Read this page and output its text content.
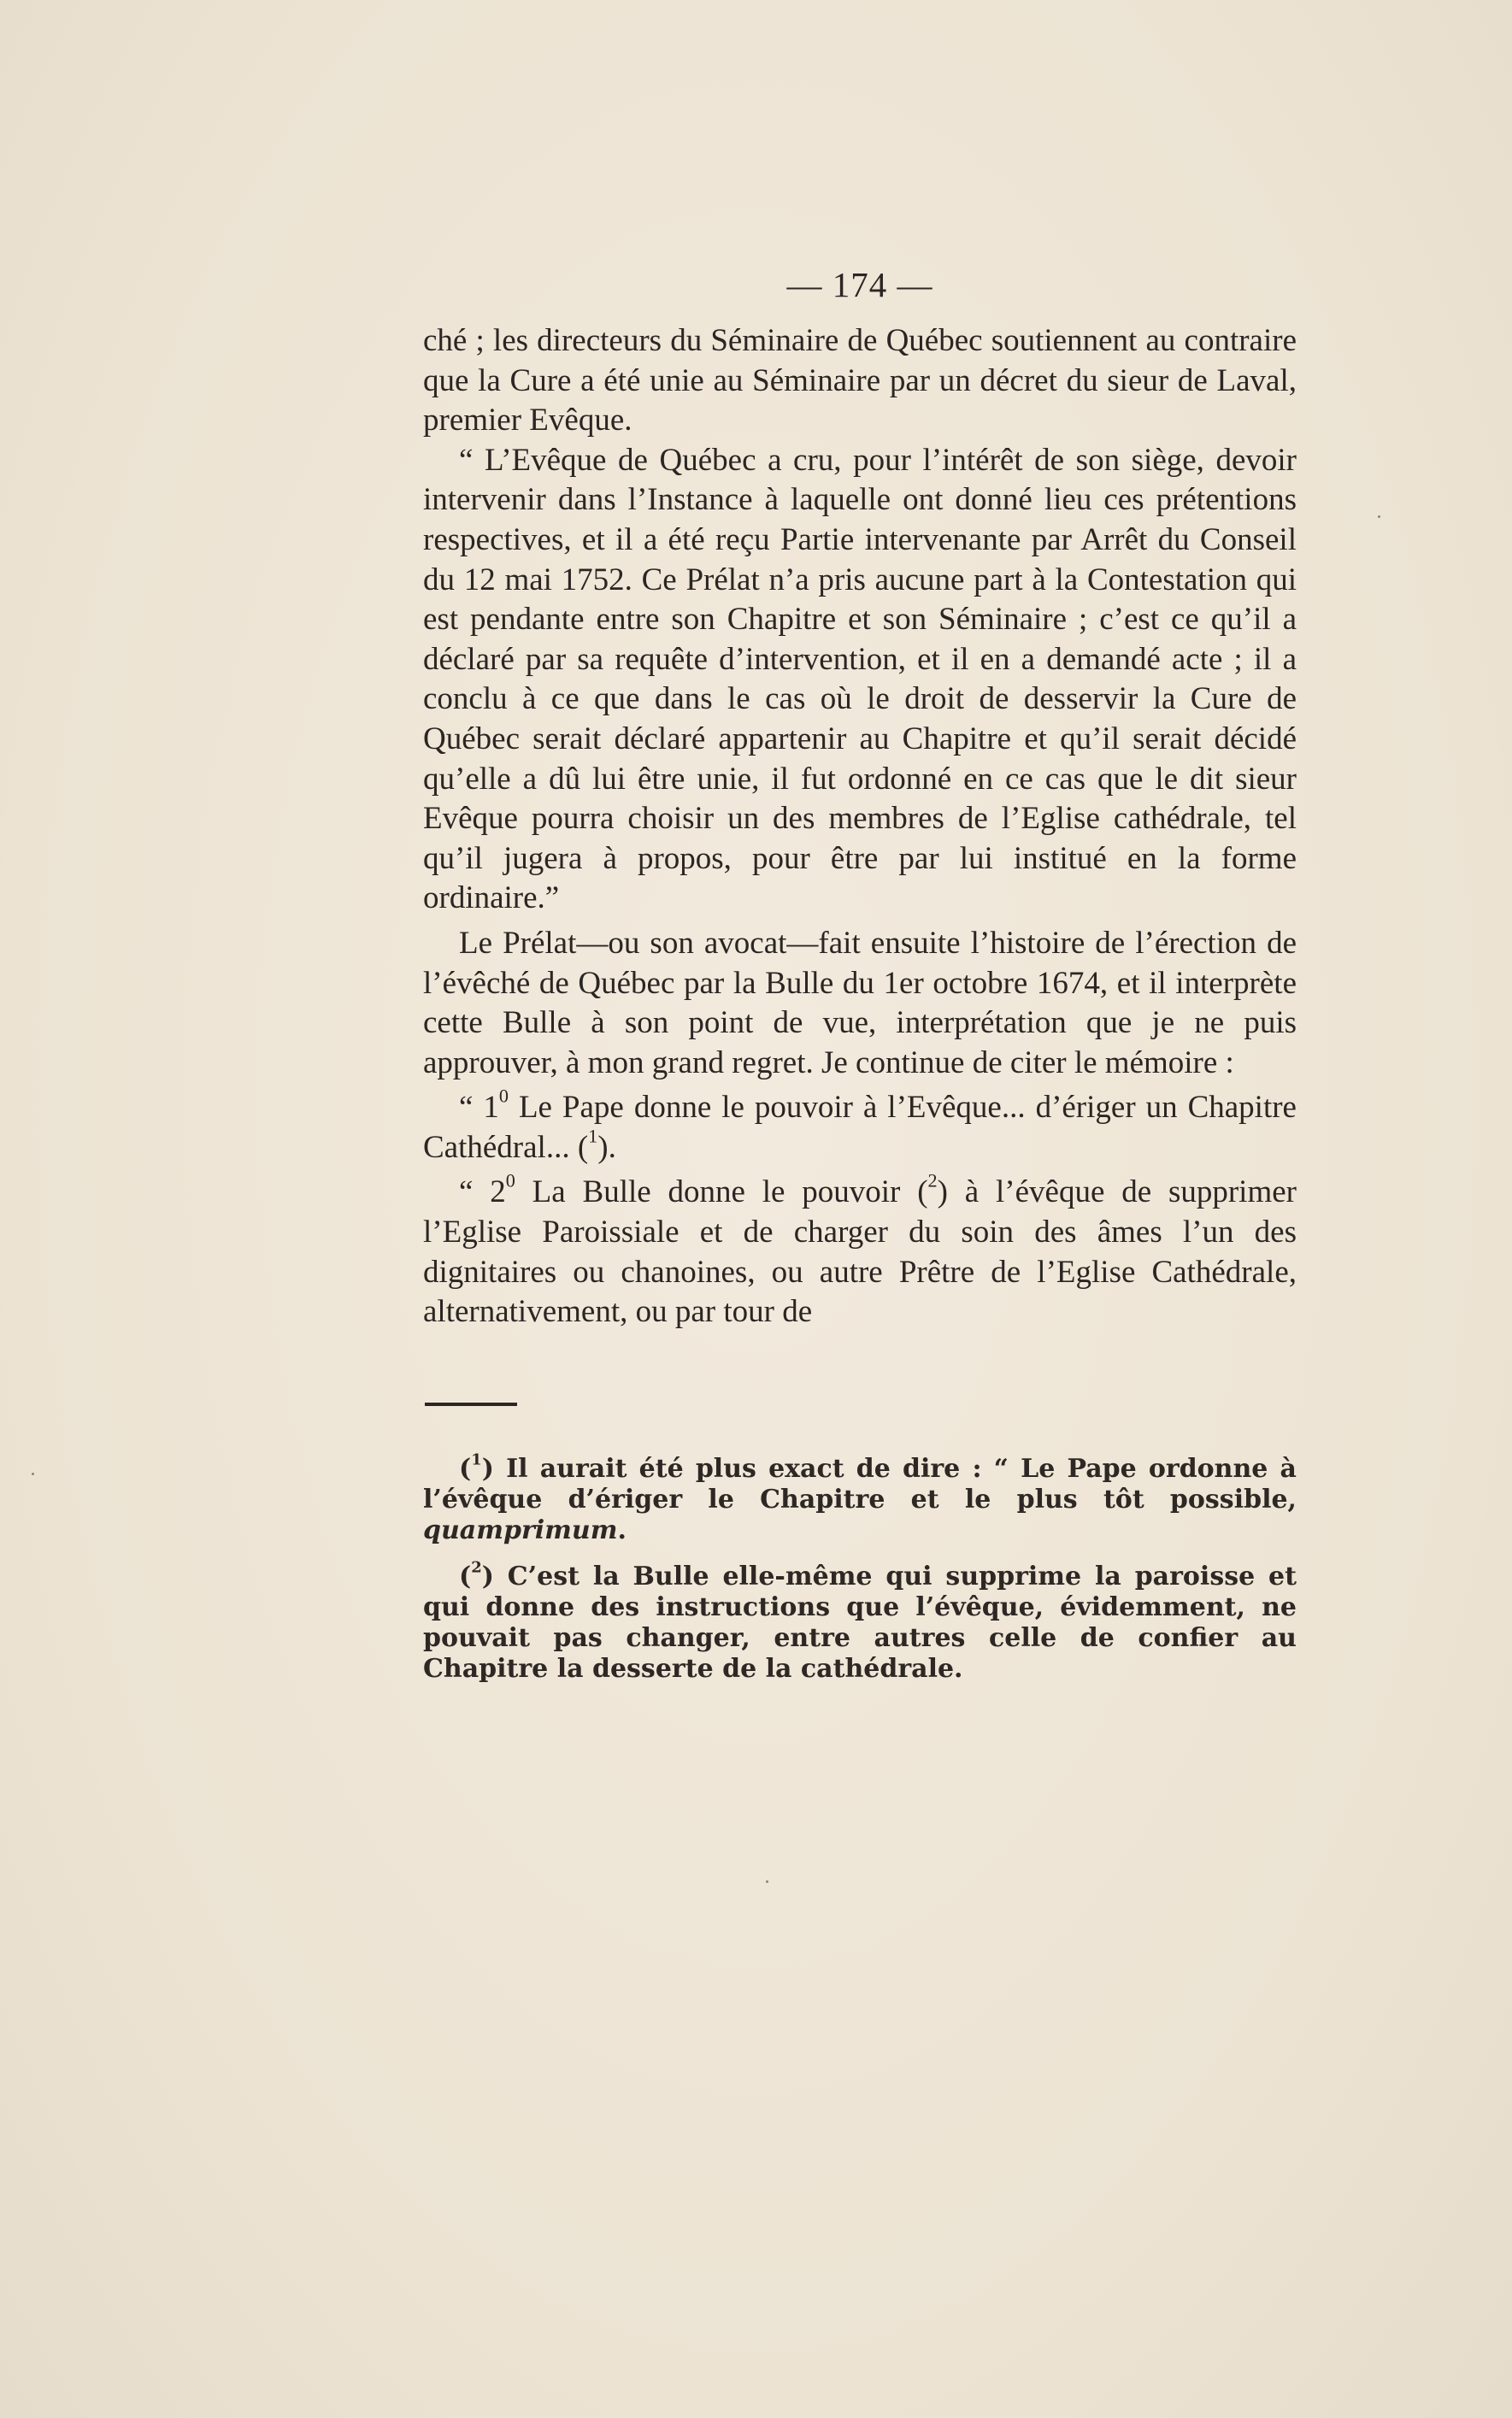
— 174 —

ché ; les directeurs du Séminaire de Québec soutiennent au contraire que la Cure a été unie au Séminaire par un décret du sieur de Laval, premier Evêque.

“ L’Evêque de Québec a cru, pour l’intérêt de son siège, devoir intervenir dans l’Instance à laquelle ont donné lieu ces prétentions respectives, et il a été reçu Partie intervenante par Arrêt du Conseil du 12 mai 1752. Ce Prélat n’a pris aucune part à la Contestation qui est pendante entre son Chapitre et son Séminaire ; c’est ce qu’il a déclaré par sa requête d’intervention, et il en a demandé acte ; il a conclu à ce que dans le cas où le droit de desservir la Cure de Québec serait déclaré appartenir au Chapitre et qu’il serait décidé qu’elle a dû lui être unie, il fut ordonné en ce cas que le dit sieur Evêque pourra choisir un des membres de l’Eglise cathédrale, tel qu’il jugera à propos, pour être par lui institué en la forme ordinaire.”

Le Prélat—ou son avocat—fait ensuite l’histoire de l’érection de l’évêché de Québec par la Bulle du 1er octobre 1674, et il interprète cette Bulle à son point de vue, interprétation que je ne puis approuver, à mon grand regret. Je continue de citer le mémoire :

“ $1^0$ Le Pape donne le pouvoir à l’Evêque... d’ériger un Chapitre Cathédral... ($^1$).

“ $2^0$ La Bulle donne le pouvoir ($^2$) à l’évêque de supprimer l’Eglise Paroissiale et de charger du soin des âmes l’un des dignitaires ou chanoines, ou autre Prêtre de l’Eglise Cathédrale, alternativement, ou par tour de

($^1$) Il aurait été plus exact de dire : “ Le Pape ordonne à l’évêque d’ériger le Chapitre et le plus tôt possible, quamprimum.

($^2$) C’est la Bulle elle-même qui supprime la paroisse et qui donne des instructions que l’évêque, évidemment, ne pouvait pas changer, entre autres celle de confier au Chapitre la desserte de la cathédrale.
